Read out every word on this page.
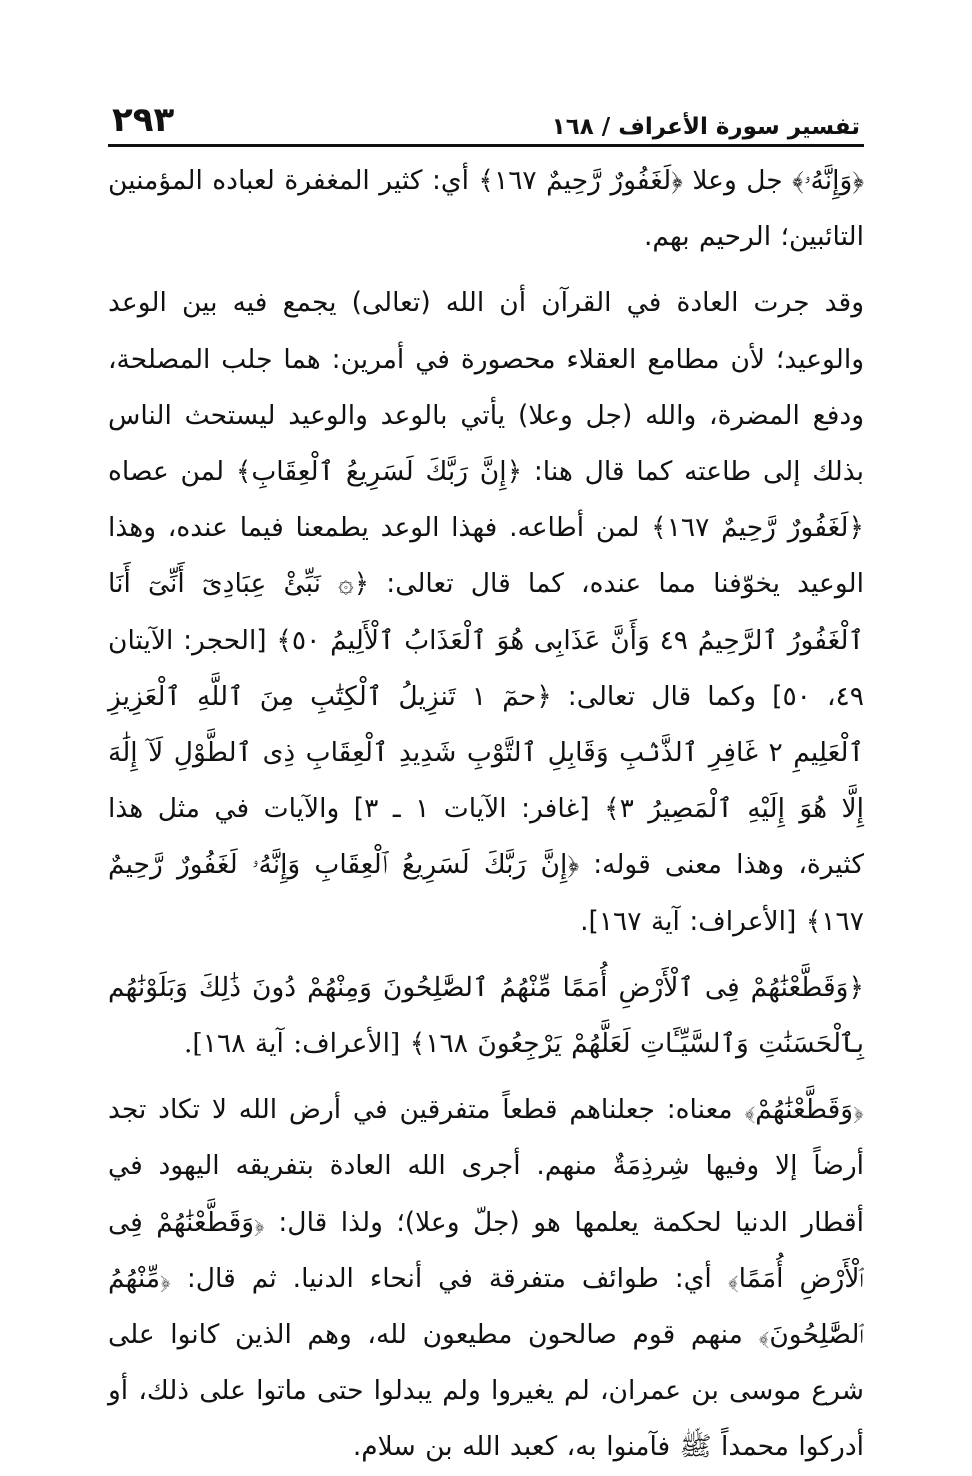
تفسير سورة الأعراف / ١٦٨
٢٩٣

﴿وَإِنَّهُۥ﴾ جل وعلا ﴿لَغَفُورٌ رَّحِيمٌ ١٦٧﴾ أي: كثير المغفرة لعباده المؤمنين التائبين؛ الرحيم بهم.

وقد جرت العادة في القرآن أن الله (تعالى) يجمع فيه بين الوعد والوعيد؛ لأن مطامع العقلاء محصورة في أمرين: هما جلب المصلحة، ودفع المضرة، والله (جل وعلا) يأتي بالوعد والوعيد ليستحث الناس بذلك إلى طاعته كما قال هنا: ﴿إِنَّ رَبَّكَ لَسَرِيعُ ٱلْعِقَابِ﴾ لمن عصاه ﴿لَغَفُورٌ رَّحِيمٌ ١٦٧﴾ لمن أطاعه. فهذا الوعد يطمعنا فيما عنده، وهذا الوعيد يخوّفنا مما عنده، كما قال تعالى: ﴿۞ نَبِّئْ عِبَادِىٓ أَنِّىٓ أَنَا ٱلْغَفُورُ ٱلرَّحِيمُ ٤٩ وَأَنَّ عَذَابِى هُوَ ٱلْعَذَابُ ٱلْأَلِيمُ ٥٠﴾ [الحجر: الآيتان ٤٩، ٥٠] وكما قال تعالى: ﴿حمٓ ١ تَنزِيلُ ٱلْكِتَٰبِ مِنَ ٱللَّهِ ٱلْعَزِيزِ ٱلْعَلِيمِ ٢ غَافِرِ ٱلذَّنۢبِ وَقَابِلِ ٱلتَّوْبِ شَدِيدِ ٱلْعِقَابِ ذِى ٱلطَّوْلِ لَآ إِلَٰهَ إِلَّا هُوَ إِلَيْهِ ٱلْمَصِيرُ ٣﴾ [غافر: الآيات ١ ـ ٣] والآيات في مثل هذا كثيرة، وهذا معنى قوله: ﴿إِنَّ رَبَّكَ لَسَرِيعُ ٱلْعِقَابِ وَإِنَّهُۥ لَغَفُورٌ رَّحِيمٌ ١٦٧﴾ [الأعراف: آية ١٦٧].

﴿وَقَطَّعْنَٰهُمْ فِى ٱلْأَرْضِ أُمَمًا مِّنْهُمُ ٱلصَّٰلِحُونَ وَمِنْهُمْ دُونَ ذَٰلِكَ وَبَلَوْنَٰهُم بِٱلْحَسَنَٰتِ وَٱلسَّيِّـَٔاتِ لَعَلَّهُمْ يَرْجِعُونَ ١٦٨﴾ [الأعراف: آية ١٦٨].

﴿وَقَطَّعْنَٰهُمْ﴾ معناه: جعلناهم قطعاً متفرقين في أرض الله لا تكاد تجد أرضاً إلا وفيها شِرذِمَةٌ منهم. أجرى الله العادة بتفريقه اليهود في أقطار الدنيا لحكمة يعلمها هو (جلّ وعلا)؛ ولذا قال: ﴿وَقَطَّعْنَٰهُمْ فِى ٱلْأَرْضِ أُمَمًا﴾ أي: طوائف متفرقة في أنحاء الدنيا. ثم قال: ﴿مِّنْهُمُ ٱلصَّٰلِحُونَ﴾ منهم قوم صالحون مطيعون لله، وهم الذين كانوا على شرع موسى بن عمران، لم يغيروا ولم يبدلوا حتى ماتوا على ذلك، أو أدركوا محمداً ﷺ فآمنوا به، كعبد الله بن سلام.
